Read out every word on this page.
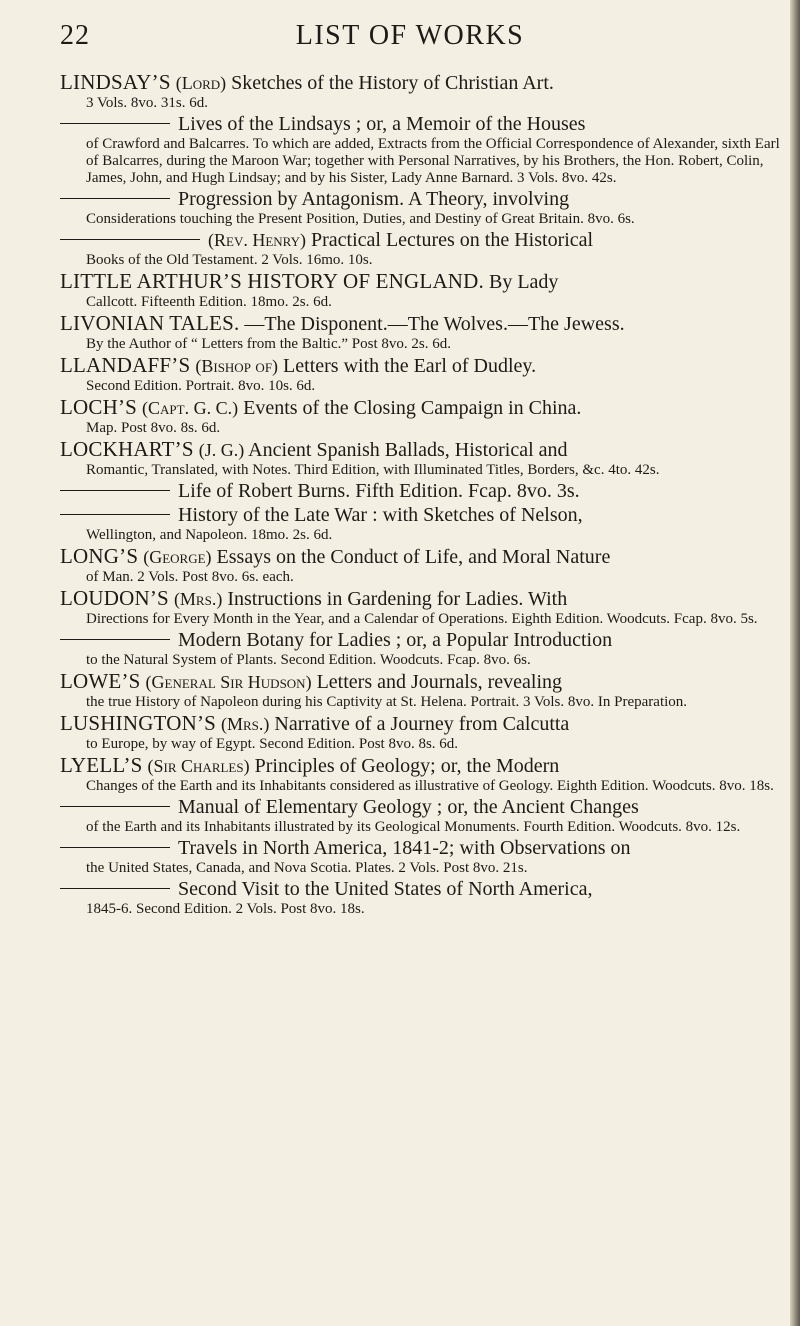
22	LIST OF WORKS

LINDSAY’S (Lord) Sketches of the History of Christian Art.

3 Vols. 8vo. 31s. 6d.

Lives of the Lindsays ; or, a Memoir of the Houses

of Crawford and Balcarres. To which are added, Extracts from the Official Correspondence of Alexander, sixth Earl of Balcarres, during the Maroon War; together with Personal Narratives, by his Brothers, the Hon. Robert, Colin, James, John, and Hugh Lindsay; and by his Sister, Lady Anne Barnard. 3 Vols. 8vo. 42s.

Progression by Antagonism. A Theory, involving

Considerations touching the Present Position, Duties, and Destiny of Great Britain. 8vo. 6s.

(Rev. Henry) Practical Lectures on the Historical

Books of the Old Testament. 2 Vols. 16mo. 10s.

LITTLE ARTHUR’S HISTORY OF ENGLAND. By Lady

Callcott. Fifteenth Edition. 18mo. 2s. 6d.

LIVONIAN TALES. —The Disponent.—The Wolves.—The Jewess.

By the Author of “ Letters from the Baltic.” Post 8vo. 2s. 6d.

LLANDAFF’S (Bishop of) Letters with the Earl of Dudley.

Second Edition. Portrait. 8vo. 10s. 6d.

LOCH’S (Capt. G. C.) Events of the Closing Campaign in China.

Map. Post 8vo. 8s. 6d.

LOCKHART’S (J. G.) Ancient Spanish Ballads, Historical and

Romantic, Translated, with Notes. Third Edition, with Illuminated Titles, Borders, &c. 4to. 42s.

Life of Robert Burns. Fifth Edition. Fcap. 8vo. 3s.

History of the Late War : with Sketches of Nelson,

Wellington, and Napoleon. 18mo. 2s. 6d.

LONG’S (George) Essays on the Conduct of Life, and Moral Nature

of Man. 2 Vols. Post 8vo. 6s. each.

LOUDON’S (Mrs.) Instructions in Gardening for Ladies. With

Directions for Every Month in the Year, and a Calendar of Operations. Eighth Edition. Woodcuts. Fcap. 8vo. 5s.

Modern Botany for Ladies ; or, a Popular Introduction

to the Natural System of Plants. Second Edition. Woodcuts. Fcap. 8vo. 6s.

LOWE’S (General Sir Hudson) Letters and Journals, revealing

the true History of Napoleon during his Captivity at St. Helena. Portrait. 3 Vols. 8vo. In Preparation.

LUSHINGTON’S (Mrs.) Narrative of a Journey from Calcutta

to Europe, by way of Egypt. Second Edition. Post 8vo. 8s. 6d.

LYELL’S (Sir Charles) Principles of Geology; or, the Modern

Changes of the Earth and its Inhabitants considered as illustrative of Geology. Eighth Edition. Woodcuts. 8vo. 18s.

Manual of Elementary Geology ; or, the Ancient Changes

of the Earth and its Inhabitants illustrated by its Geological Monuments. Fourth Edition. Woodcuts. 8vo. 12s.

Travels in North America, 1841-2; with Observations on

the United States, Canada, and Nova Scotia. Plates. 2 Vols. Post 8vo. 21s.

Second Visit to the United States of North America,

1845-6. Second Edition. 2 Vols. Post 8vo. 18s.
